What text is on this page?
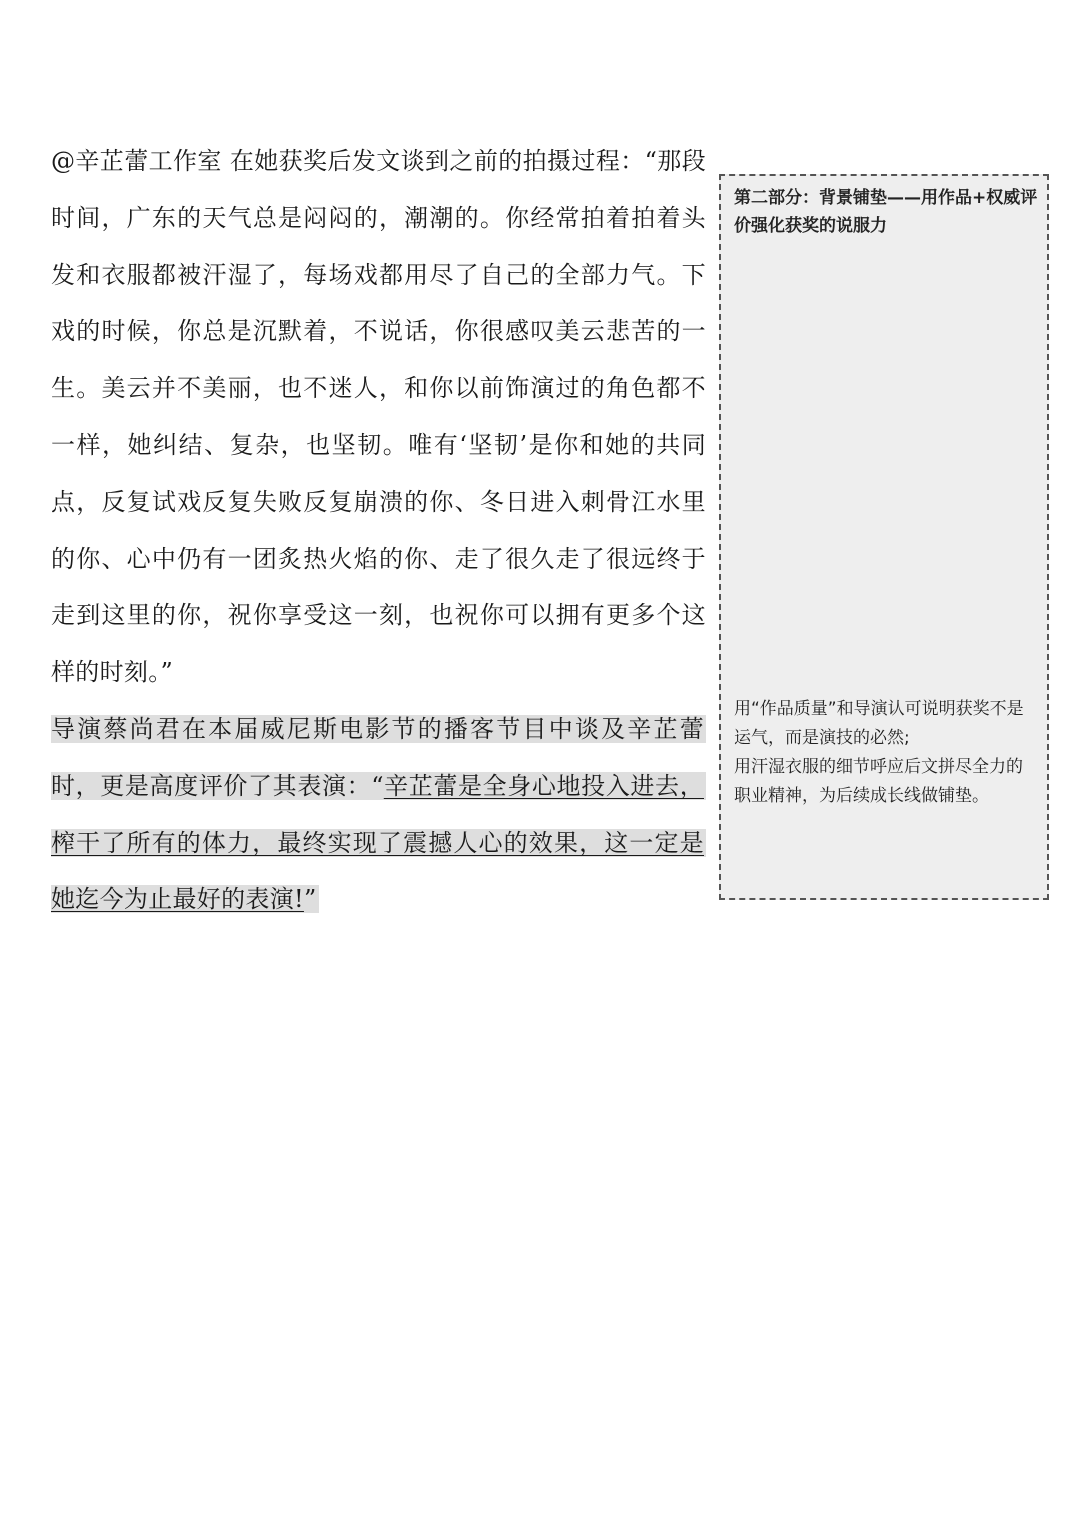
@辛芷蕾工作室 在她获奖后发文谈到之前的拍摄过程：“那段时间，广东的天气总是闷闷的，潮潮的。你经常拍着拍着头发和衣服都被汗湿了，每场戏都用尽了自己的全部力气。下戏的时候，你总是沉默着，不说话，你很感叹美云悲苦的一生。美云并不美丽，也不迷人，和你以前饰演过的角色都不一样，她纠结、复杂，也坚韧。唯有‘坚韧’是你和她的共同点，反复试戏反复失败反复崩溃的你、冬日进入刺骨江水里的你、心中仍有一团炙热火焰的你、走了很久走了很远终于走到这里的你，祝你享受这一刻，也祝你可以拥有更多个这样的时刻。”

导演蔡尚君在本届威尼斯电影节的播客节目中谈及辛芷蕾时，更是高度评价了其表演：“辛芷蕾是全身心地投入进去，榨干了所有的体力，最终实现了震撼人心的效果，这一定是她迄今为止最好的表演!”

第二部分：背景铺垫——用作品+权威评价强化获奖的说服力

用“作品质量”和导演认可说明获奖不是运气，而是演技的必然;
用汗湿衣服的细节呼应后文拼尽全力的职业精神，为后续成长线做铺垫。
